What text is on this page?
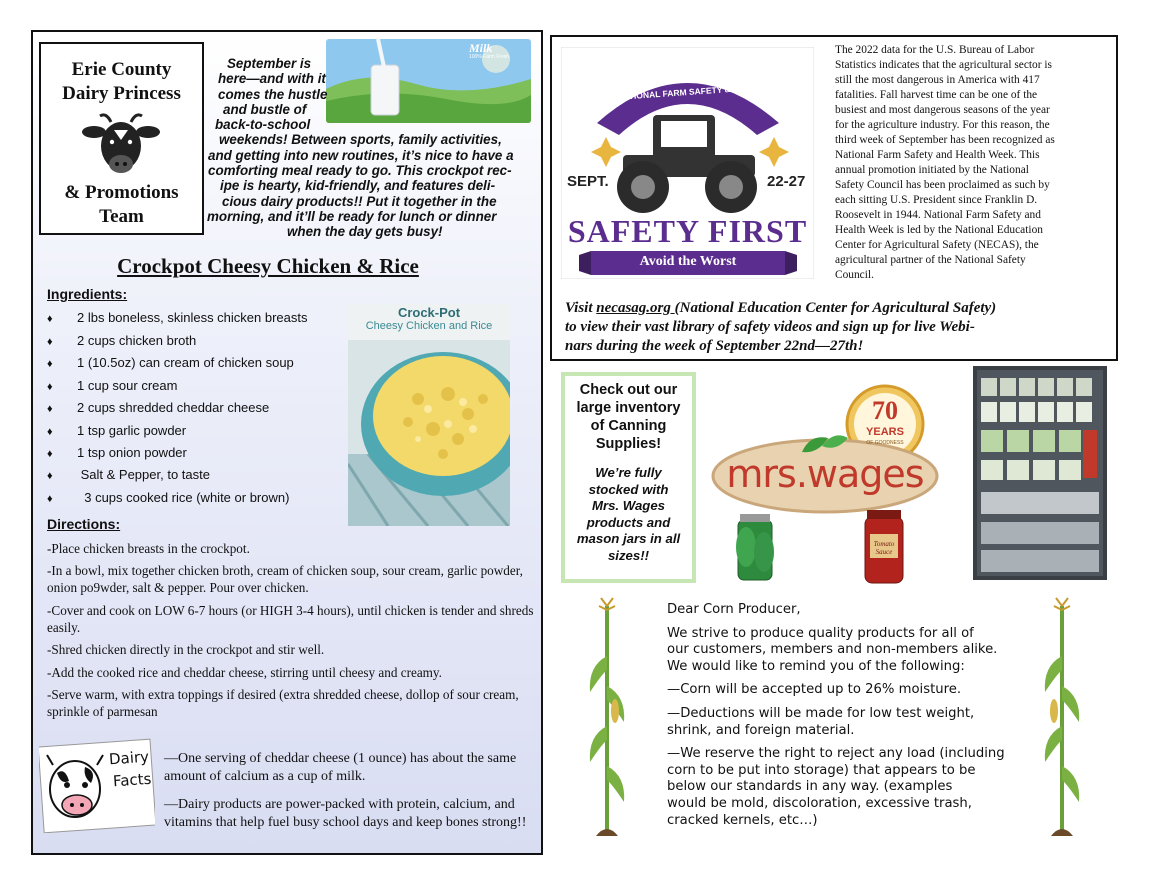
Erie County
Dairy Princess
& Promotions
Team
Milk
100% Farm Fresh
September is
here—and with it
comes the hustle
and bustle of
back-to-school
weekends! Between sports, family activities,
and getting into new routines, it’s nice to have a
comforting meal ready to go. This crockpot rec-
ipe is hearty, kid-friendly, and features deli-
cious dairy products!! Put it together in the
morning, and it’ll be ready for lunch or dinner
when the day gets busy!
Crockpot Cheesy Chicken & Rice
Ingredients:
♦ 2 lbs boneless, skinless chicken breasts
♦ 2 cups chicken broth
♦ 1 (10.5oz) can cream of chicken soup
♦ 1 cup sour cream
♦ 2 cups shredded cheddar cheese
♦ 1 tsp garlic powder
♦ 1 tsp onion powder
♦ Salt & Pepper, to taste
♦  3 cups cooked rice (white or brown)
Crock-Pot
Cheesy Chicken and Rice
Directions:
-Place chicken breasts in the crockpot.
-In a bowl, mix together chicken broth, cream of chicken soup, sour cream, garlic powder, onion po9wder, salt & pepper. Pour over chicken.
-Cover and cook on LOW 6-7 hours (or HIGH 3-4 hours), until chicken is tender and shreds easily.
-Shred chicken directly in the crockpot and stir well.
-Add the cooked rice and cheddar cheese, stirring until cheesy and creamy.
-Serve warm, with extra toppings if desired (extra shredded cheese, dollop of sour cream, sprinkle of parmesan
Dairy
Facts
—One serving of cheddar cheese (1 ounce) has about the same amount of calcium as a cup of milk.
—Dairy products are power-packed with protein, calcium, and vitamins that help fuel busy school days and keep bones strong!!
NATIONAL FARM SAFETY & HEALTH WEEK
SEPT.	22-27
SAFETY FIRST
Avoid the Worst
The 2022 data for the U.S. Bureau of Labor
Statistics indicates that the agricultural sector is
still the most dangerous in America with 417
fatalities. Fall harvest time can be one of the
busiest and most dangerous seasons of the year
for the agriculture industry. For this reason, the
third week of September has been recognized as
National Farm Safety and Health Week. This
annual promotion initiated by the National
Safety Council has been proclaimed as such by
each sitting U.S. President since Franklin D.
Roosevelt in 1944. National Farm Safety and
Health Week is led by the National Education
Center for Agricultural Safety (NECAS), the
agricultural partner of the National Safety
Council.
Visit necasag.org (National Education Center for Agricultural Safety)
to view their vast library of safety videos and sign up for live Webi-
nars during the week of September 22nd—27th!
Check out our
large inventory
of Canning
Supplies!
We’re fully
stocked with
Mrs. Wages
products and
mason jars in all
sizes!!
70
YEARS
OF GOODNESS
mrs.wages
Tomato Sauce
Dear Corn Producer,
We strive to produce quality products for all of
our customers, members and non-members alike.
We would like to remind you of the following:
—Corn will be accepted up to 26% moisture.
—Deductions will be made for low test weight,
shrink, and foreign material.
—We reserve the right to reject any load (including
corn to be put into storage) that appears to be
below our standards in any way. (examples
would be mold, discoloration, excessive trash,
cracked kernels, etc…)
